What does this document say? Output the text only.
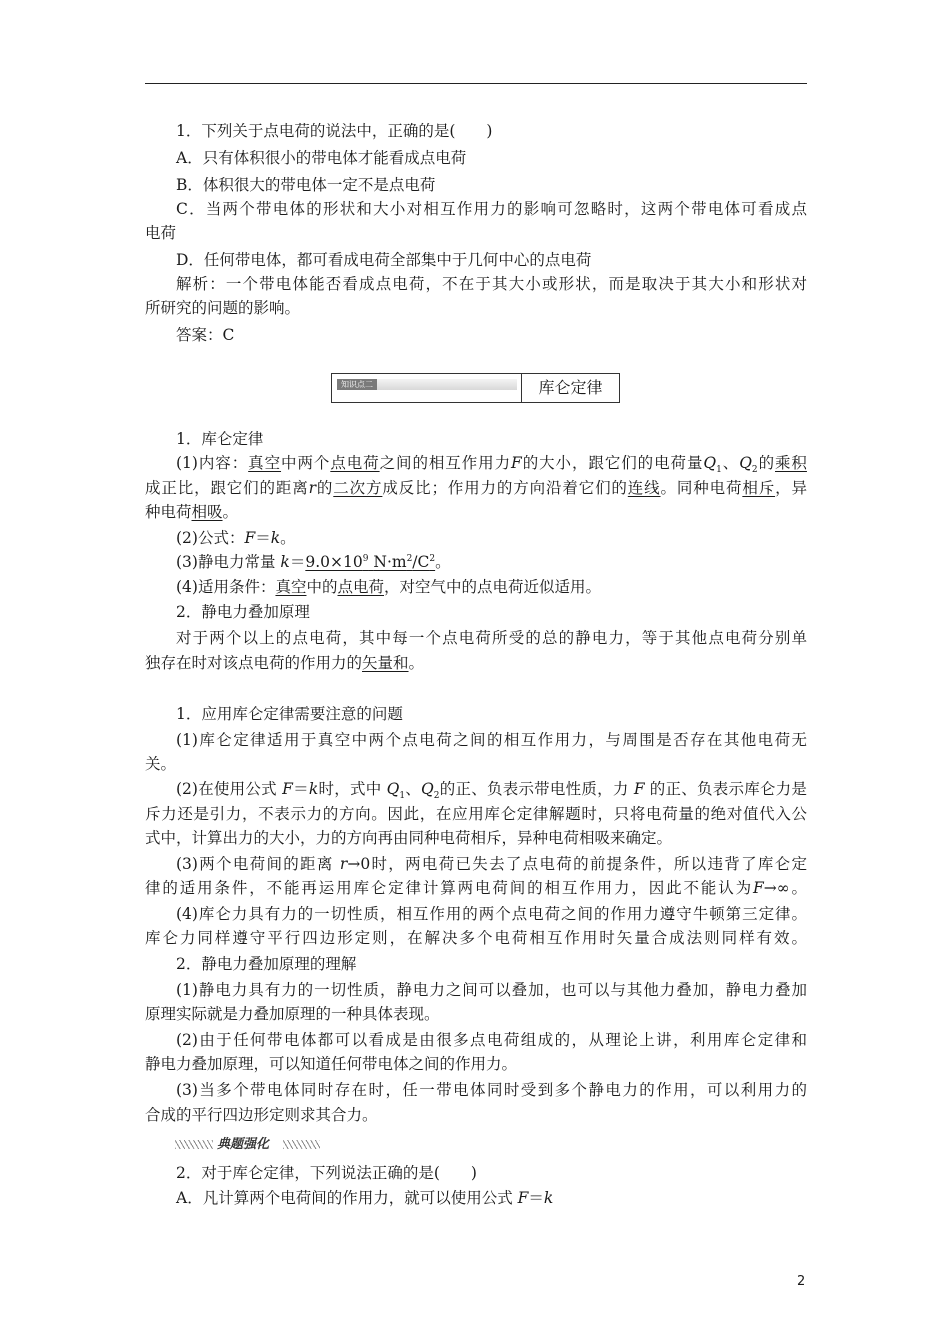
1．下列关于点电荷的说法中，正确的是(　　)
A．只有体积很小的带电体才能看成点电荷
B．体积很大的带电体一定不是点电荷
C．当两个带电体的形状和大小对相互作用力的影响可忽略时，这两个带电体可看成点
电荷
D．任何带电体，都可看成电荷全部集中于几何中心的点电荷
解析：一个带电体能否看成点电荷，不在于其大小或形状，而是取决于其大小和形状对
所研究的问题的影响。
答案：C
知识点二	库仑定律
1．库仑定律
(1)内容：真空中两个点电荷之间的相互作用力F的大小，跟它们的电荷量$Q_1$、$Q_2$的乘积
成正比，跟它们的距离r的二次方成反比；作用力的方向沿着它们的连线。同种电荷相斥，异
种电荷相吸。
(2)公式：F＝k。
(3)静电力常量 $k=9.0\times 10^9$ $N\cdot m^2/C^2$。
(4)适用条件：真空中的点电荷，对空气中的点电荷近似适用。
2．静电力叠加原理
对于两个以上的点电荷，其中每一个点电荷所受的总的静电力，等于其他点电荷分别单
独存在时对该点电荷的作用力的矢量和。
1．应用库仑定律需要注意的问题
(1)库仑定律适用于真空中两个点电荷之间的相互作用力，与周围是否存在其他电荷无
关。
(2)在使用公式 F＝k时，式中 $Q_1$、$Q_2$的正、负表示带电性质，力 F 的正、负表示库仑力是
斥力还是引力，不表示力的方向。因此，在应用库仑定律解题时，只将电荷量的绝对值代入公
式中，计算出力的大小，力的方向再由同种电荷相斥，异种电荷相吸来确定。
(3)两个电荷间的距离 r→0时，两电荷已失去了点电荷的前提条件，所以违背了库仑定
律的适用条件，不能再运用库仑定律计算两电荷间的相互作用力，因此不能认为F→∞。
(4)库仑力具有力的一切性质，相互作用的两个点电荷之间的作用力遵守牛顿第三定律。
库仑力同样遵守平行四边形定则，在解决多个电荷相互作用时矢量合成法则同样有效。
2．静电力叠加原理的理解
(1)静电力具有力的一切性质，静电力之间可以叠加，也可以与其他力叠加，静电力叠加
原理实际就是力叠加原理的一种具体表现。
(2)由于任何带电体都可以看成是由很多点电荷组成的，从理论上讲，利用库仑定律和
静电力叠加原理，可以知道任何带电体之间的作用力。
(3)当多个带电体同时存在时，任一带电体同时受到多个静电力的作用，可以利用力的
合成的平行四边形定则求其合力。
典题强化
2．对于库仑定律，下列说法正确的是(　　)
A．凡计算两个电荷间的作用力，就可以使用公式 F＝k
2
